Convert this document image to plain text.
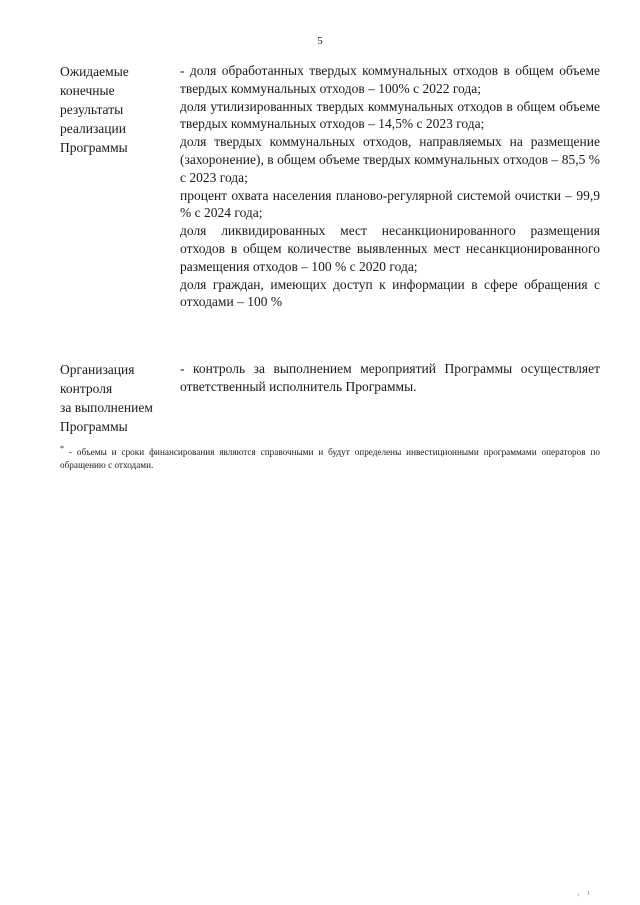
5
Ожидаемые
конечные
результаты
реализации
Программы

- доля обработанных твердых коммунальных отходов в общем объеме твердых коммунальных отходов – 100% с 2022 года;

доля утилизированных твердых коммунальных отходов в общем объеме твердых коммунальных отходов – 14,5% с 2023 года;

доля твердых коммунальных отходов, направляемых на размещение (захоронение), в общем объеме твердых коммунальных отходов – 85,5 % с 2023 года;

процент охвата населения планово-регулярной системой очистки – 99,9 % с 2024 года;

доля ликвидированных мест несанкционированного размещения отходов в общем количестве выявленных мест несанкционированного размещения отходов – 100 % с 2020 года;

доля граждан, имеющих доступ к информации в сфере обращения с отходами – 100 %

Организация
контроля
за выполнением
Программы

- контроль за выполнением мероприятий Программы осуществляет ответственный исполнитель Программы.

* - объемы и сроки финансирования являются справочными и будут определены инвестиционными программами операторов по обращению с отходами.
‚ ı
